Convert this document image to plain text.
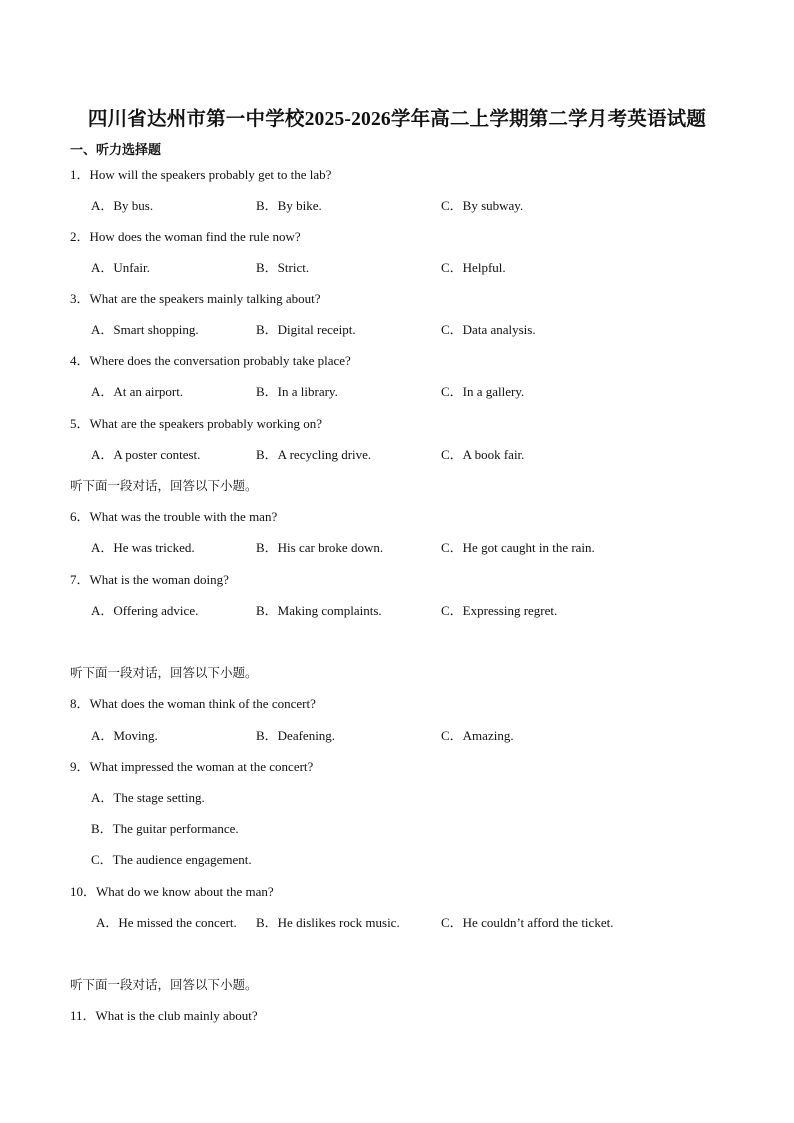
四川省达州市第一中学校2025-2026学年高二上学期第二学月考英语试题
一、听力选择题
1．How will the speakers probably get to the lab?
A．By bus.	B．By bike.	C．By subway.
2．How does the woman find the rule now?
A．Unfair.	B．Strict.	C．Helpful.
3．What are the speakers mainly talking about?
A．Smart shopping.	B．Digital receipt.	C．Data analysis.
4．Where does the conversation probably take place?
A．At an airport.	B．In a library.	C．In a gallery.
5．What are the speakers probably working on?
A．A poster contest.	B．A recycling drive.	C．A book fair.
听下面一段对话，回答以下小题。
6．What was the trouble with the man?
A．He was tricked.	B．His car broke down.	C．He got caught in the rain.
7．What is the woman doing?
A．Offering advice.	B．Making complaints.	C．Expressing regret.
听下面一段对话，回答以下小题。
8．What does the woman think of the concert?
A．Moving.	B．Deafening.	C．Amazing.
9．What impressed the woman at the concert?
A．The stage setting.
B．The guitar performance.
C．The audience engagement.
10．What do we know about the man?
A．He missed the concert. B．He dislikes rock music.	C．He couldn’t afford the ticket.
听下面一段对话，回答以下小题。
11．What is the club mainly about?
